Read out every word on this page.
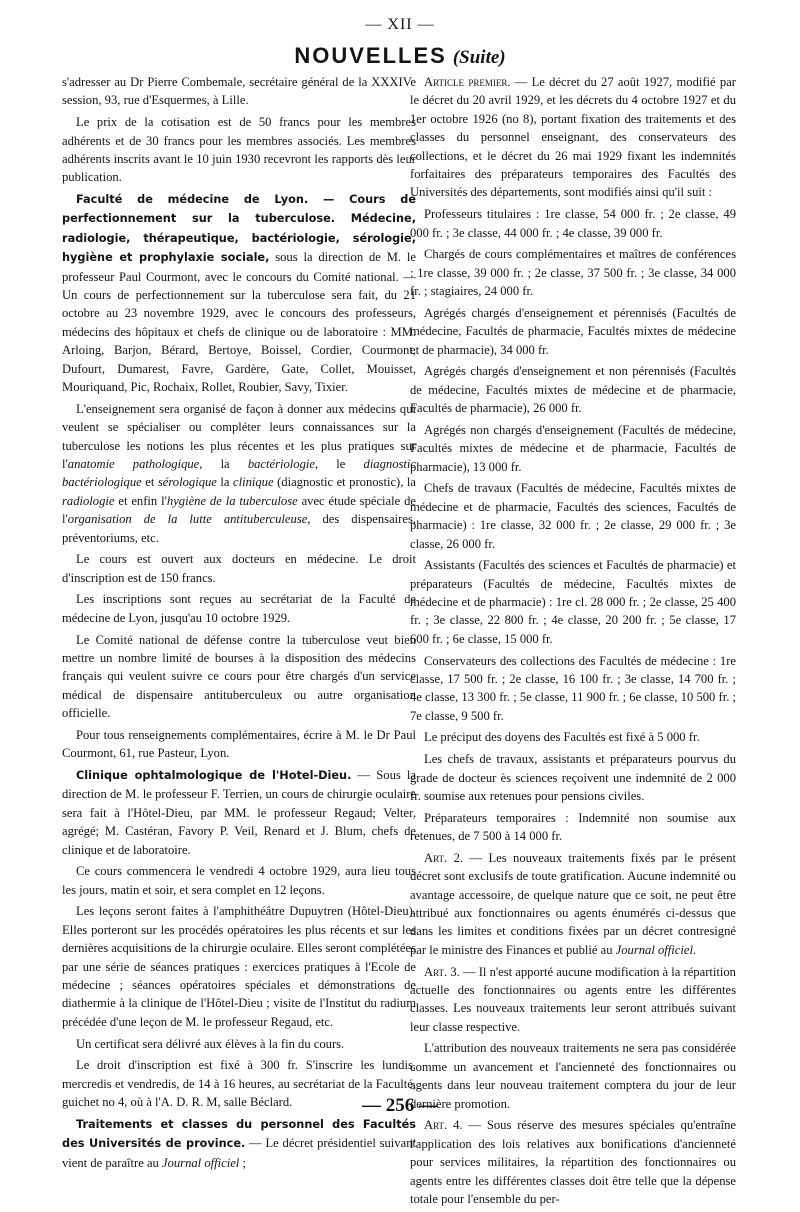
— XII —
NOUVELLES (Suite)

s'adresser au Dr Pierre Combemale, secrétaire général de la XXXIVe session, 93, rue d'Esquermes, à Lille.

Le prix de la cotisation est de 50 francs pour les membres adhérents et de 30 francs pour les membres associés. Les membres adhérents inscrits avant le 10 juin 1930 recevront les rapports dès leur publication.

Faculté de médecine de Lyon. — Cours de perfectionnement sur la tuberculose. Médecine, radiologie, thérapeutique, bactériologie, sérologie, hygiène et prophylaxie sociale, sous la direction de M. le professeur Paul Courmont, avec le concours du Comité national. — Un cours de perfectionnement sur la tuberculose sera fait, du 21 octobre au 23 novembre 1929, avec le concours des professeurs, médecins des hôpitaux et chefs de clinique ou de laboratoire : MM. Arloing, Barjon, Bérard, Bertoye, Boissel, Cordier, Courmont, Dufourt, Dumarest, Favre, Gardère, Gate, Collet, Mouisset, Mouriquand, Pic, Rochaix, Rollet, Roubier, Savy, Tixier.

L'enseignement sera organisé de façon à donner aux médecins qui veulent se spécialiser ou compléter leurs connaissances sur la tuberculose les notions les plus récentes et les plus pratiques sur l'anatomie pathologique, la bactériologie, le diagnostic bactériologique et sérologique la clinique (diagnostic et pronostic), la radiologie et enfin l'hygiène de la tuberculose avec étude spéciale de l'organisation de la lutte antituberculeuse, des dispensaires, préventoriums, etc.

Le cours est ouvert aux docteurs en médecine. Le droit d'inscription est de 150 francs.

Les inscriptions sont reçues au secrétariat de la Faculté de médecine de Lyon, jusqu'au 10 octobre 1929.

Le Comité national de défense contre la tuberculose veut bien mettre un nombre limité de bourses à la disposition des médecins français qui veulent suivre ce cours pour être chargés d'un service médical de dispensaire antituberculeux ou autre organisation officielle.

Pour tous renseignements complémentaires, écrire à M. le Dr Paul Courmont, 61, rue Pasteur, Lyon.

Clinique ophtalmologique de l'Hotel-Dieu. — Sous la direction de M. le professeur F. Terrien, un cours de chirurgie oculaire sera fait à l'Hôtel-Dieu, par MM. le professeur Regaud; Velter, agrégé; M. Castéran, Favory P. Veil, Renard et J. Blum, chefs de clinique et de laboratoire.

Ce cours commencera le vendredi 4 octobre 1929, aura lieu tous les jours, matin et soir, et sera complet en 12 leçons.

Les leçons seront faites à l'amphithéâtre Dupuytren (Hôtel-Dieu). Elles porteront sur les procédés opératoires les plus récents et sur les dernières acquisitions de la chirurgie oculaire. Elles seront complétées par une série de séances pratiques : exercices pratiques à l'Ecole de médecine ; séances opératoires spéciales et démonstrations de diathermie à la clinique de l'Hôtel-Dieu ; visite de l'Institut du radium précédée d'une leçon de M. le professeur Regaud, etc.

Un certificat sera délivré aux élèves à la fin du cours.

Le droit d'inscription est fixé à 300 fr. S'inscrire les lundis, mercredis et vendredis, de 14 à 16 heures, au secrétariat de la Faculté, guichet no 4, où à l'A. D. R. M, salle Béclard.

Traitements et classes du personnel des Facultés des Universités de province. — Le décret présidentiel suivant vient de paraître au Journal officiel ;

Article premier. — Le décret du 27 août 1927, modifié par le décret du 20 avril 1929, et les décrets du 4 octobre 1927 et du 1er octobre 1926 (no 8), portant fixation des traitements et des classes du personnel enseignant, des conservateurs des collections, et le décret du 26 mai 1929 fixant les indemnités forfaitaires des préparateurs temporaires des Facultés des Universités des départements, sont modifiés ainsi qu'il suit :

Professeurs titulaires : 1re classe, 54 000 fr. ; 2e classe, 49 000 fr. ; 3e classe, 44 000 fr. ; 4e classe, 39 000 fr.

Chargés de cours complémentaires et maîtres de conférences : 1re classe, 39 000 fr. ; 2e classe, 37 500 fr. ; 3e classe, 34 000 fr. ; stagiaires, 24 000 fr.

Agrégés chargés d'enseignement et pérennisés (Facultés de médecine, Facultés de pharmacie, Facultés mixtes de médecine et de pharmacie), 34 000 fr.

Agrégés chargés d'enseignement et non pérennisés (Facultés de médecine, Facultés mixtes de médecine et de pharmacie, Facultés de pharmacie), 26 000 fr.

Agrégés non chargés d'enseignement (Facultés de médecine, Facultés mixtes de médecine et de pharmacie, Facultés de pharmacie), 13 000 fr.

Chefs de travaux (Facultés de médecine, Facultés mixtes de médecine et de pharmacie, Facultés des sciences, Facultés de pharmacie) : 1re classe, 32 000 fr. ; 2e classe, 29 000 fr. ; 3e classe, 26 000 fr.

Assistants (Facultés des sciences et Facultés de pharmacie) et préparateurs (Facultés de médecine, Facultés mixtes de médecine et de pharmacie) : 1re cl. 28 000 fr. ; 2e classe, 25 400 fr. ; 3e classe, 22 800 fr. ; 4e classe, 20 200 fr. ; 5e classe, 17 600 fr. ; 6e classe, 15 000 fr.

Conservateurs des collections des Facultés de médecine : 1re classe, 17 500 fr. ; 2e classe, 16 100 fr. ; 3e classe, 14 700 fr. ; 4e classe, 13 300 fr. ; 5e classe, 11 900 fr. ; 6e classe, 10 500 fr. ; 7e classe, 9 500 fr.

Le préciput des doyens des Facultés est fixé à 5 000 fr.

Les chefs de travaux, assistants et préparateurs pourvus du grade de docteur ès sciences reçoivent une indemnité de 2 000 fr. soumise aux retenues pour pensions civiles.

Préparateurs temporaires : Indemnité non soumise aux retenues, de 7 500 à 14 000 fr.

Art. 2. — Les nouveaux traitements fixés par le présent décret sont exclusifs de toute gratification. Aucune indemnité ou avantage accessoire, de quelque nature que ce soit, ne peut être attribué aux fonctionnaires ou agents énumérés ci-dessus que dans les limites et conditions fixées par un décret contresigné par le ministre des Finances et publié au Journal officiel.

Art. 3. — Il n'est apporté aucune modification à la répartition actuelle des fonctionnaires ou agents entre les différentes classes. Les nouveaux traitements leur seront attribués suivant leur classe respective.

L'attribution des nouveaux traitements ne sera pas considérée comme un avancement et l'ancienneté des fonctionnaires ou agents dans leur nouveau traitement comptera du jour de leur dernière promotion.

Art. 4. — Sous réserve des mesures spéciales qu'entraîne l'application des lois relatives aux bonifications d'ancienneté pour services militaires, la répartition des fonctionnaires ou agents entre les différentes classes doit être telle que la dépense totale pour l'ensemble du per-

— 256 —
